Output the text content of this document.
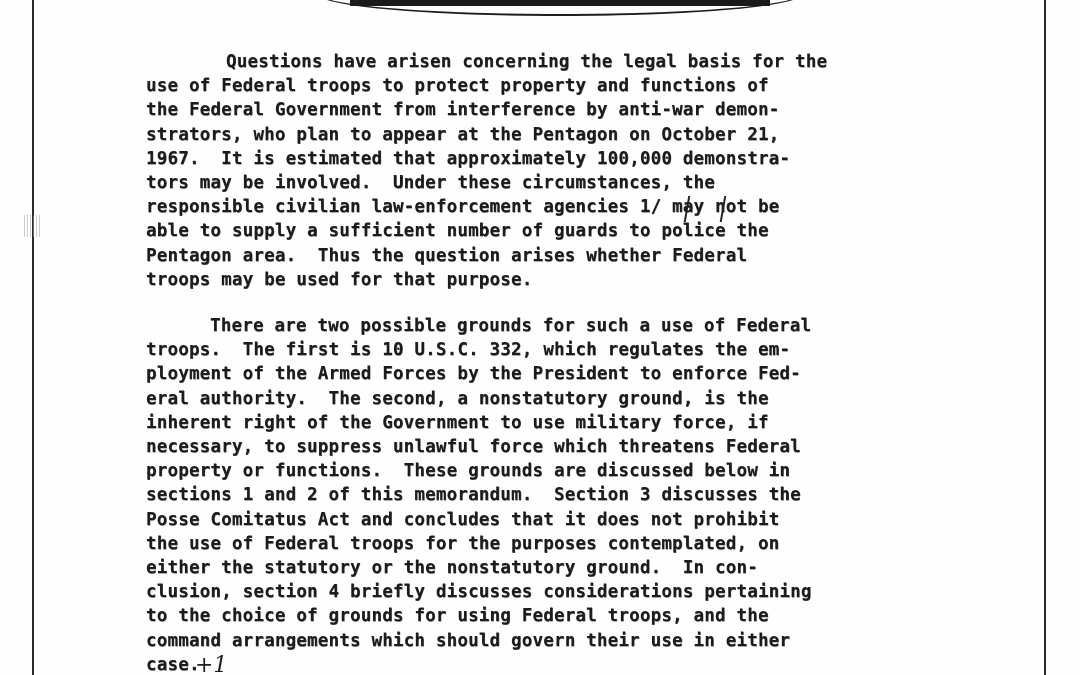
Questions have arisen concerning the legal basis for the
use of Federal troops to protect property and functions of
the Federal Government from interference by anti-war demon-
strators, who plan to appear at the Pentagon on October 21,
1967.  It is estimated that approximately 100,000 demonstra-
tors may be involved.  Under these circumstances, the
responsible civilian law-enforcement agencies 1/ may not be
able to supply a sufficient number of guards to police the
Pentagon area.  Thus the question arises whether Federal
troops may be used for that purpose.
There are two possible grounds for such a use of Federal
troops.  The first is 10 U.S.C. 332, which regulates the em-
ployment of the Armed Forces by the President to enforce Fed-
eral authority.  The second, a nonstatutory ground, is the
inherent right of the Government to use military force, if
necessary, to suppress unlawful force which threatens Federal
property or functions.  These grounds are discussed below in
sections 1 and 2 of this memorandum.  Section 3 discusses the
Posse Comitatus Act and concludes that it does not prohibit
the use of Federal troops for the purposes contemplated, on
either the statutory or the nonstatutory ground.  In con-
clusion, section 4 briefly discusses considerations pertaining
to the choice of grounds for using Federal troops, and the
command arrangements which should govern their use in either
case.
+1
